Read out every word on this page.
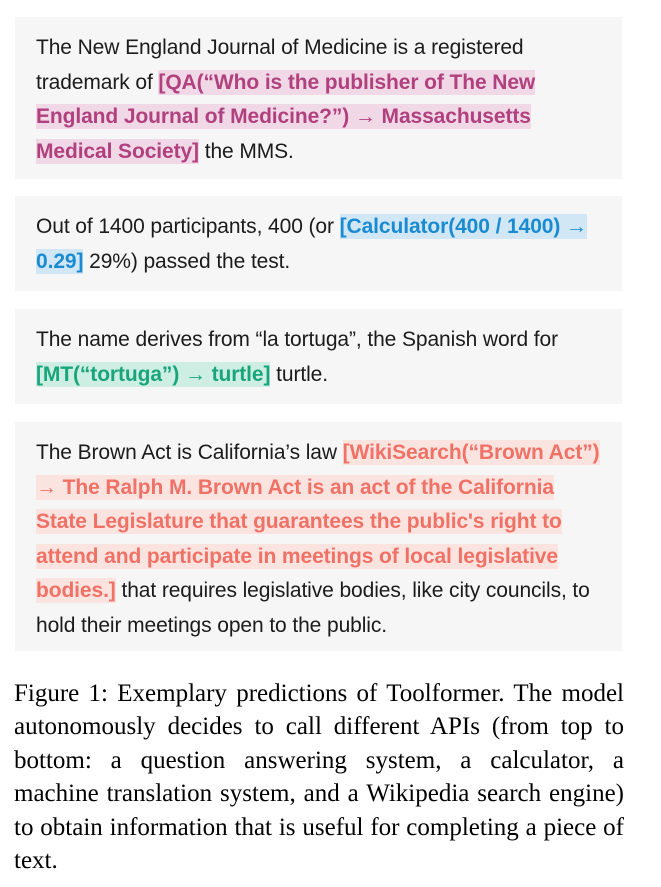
The New England Journal of Medicine is a registered trademark of [QA(“Who is the publisher of The New England Journal of Medicine?”) → Massachusetts Medical Society] the MMS.
Out of 1400 participants, 400 (or [Calculator(400 / 1400) → 0.29] 29%) passed the test.
The name derives from “la tortuga”, the Spanish word for [MT(“tortuga”) → turtle] turtle.
The Brown Act is California’s law [WikiSearch(“Brown Act”) → The Ralph M. Brown Act is an act of the California State Legislature that guarantees the public's right to attend and participate in meetings of local legislative bodies.] that requires legislative bodies, like city councils, to hold their meetings open to the public.
Figure 1: Exemplary predictions of Toolformer. The model autonomously decides to call different APIs (from top to bottom: a question answering system, a calculator, a machine translation system, and a Wikipedia search engine) to obtain information that is useful for completing a piece of text.
